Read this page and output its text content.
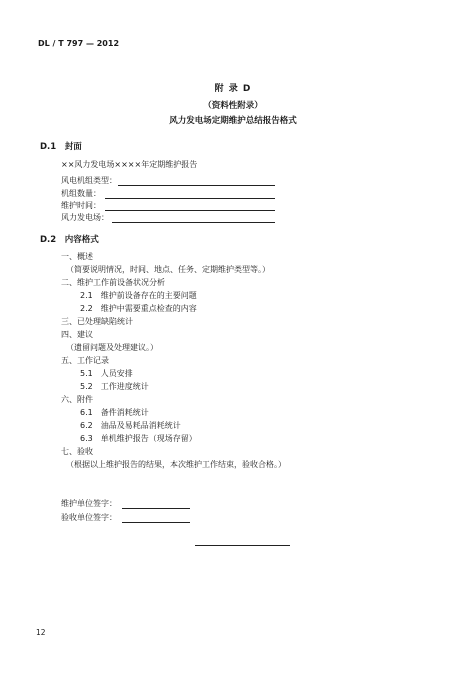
DL / T 797 — 2012
附 录 D
（资料性附录）
风力发电场定期维护总结报告格式
D.1　封面
××风力发电场××××年定期维护报告
风电机组类型：
机组数量：
维护时间：
风力发电场：
D.2　内容格式
一、概述
（简要说明情况，时间、地点、任务、定期维护类型等。）
二、维护工作前设备状况分析
2.1　维护前设备存在的主要问题
2.2　维护中需要重点检查的内容
三、已处理缺陷统计
四、建议
（遗留问题及处理建议。）
五、工作记录
5.1　人员安排
5.2　工作进度统计
六、附件
6.1　备件消耗统计
6.2　油品及易耗品消耗统计
6.3　单机维护报告（现场存留）
七、验收
（根据以上维护报告的结果，本次维护工作结束，验收合格。）
维护单位签字：
验收单位签字：
12
